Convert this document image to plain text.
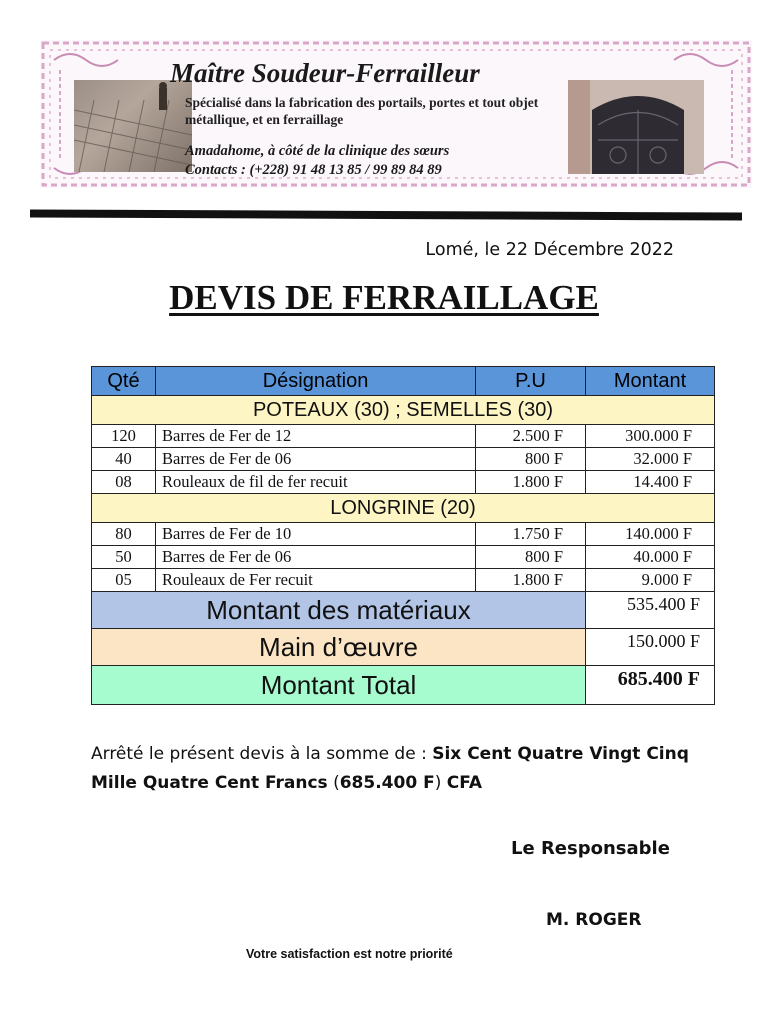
Maître Soudeur-Ferrailleur
Spécialisé dans la fabrication des portails, portes et tout objet métallique, et en ferraillage
Amadahome, à côté de la clinique des sœurs
Contacts : (+228) 91 48 13 85 / 99 89 84 89
Lomé, le 22 Décembre 2022
DEVIS DE FERRAILLAGE
Qté	Désignation	P.U	Montant
POTEAUX (30) ; SEMELLES (30)			
120	Barres de Fer de 12	2.500 F	300.000 F
40	Barres de Fer de 06	800 F	32.000 F
08	Rouleaux de fil de fer recuit	1.800 F	14.400 F
LONGRINE (20)			
80	Barres de Fer de 10	1.750 F	140.000 F
50	Barres de Fer de 06	800 F	40.000 F
05	Rouleaux de Fer recuit	1.800 F	9.000 F
Montant des matériaux			535.400 F
Main d’œuvre			150.000 F
Montant Total			685.400 F
Arrêté le présent devis à la somme de : Six Cent Quatre Vingt Cinq Mille Quatre Cent Francs (685.400 F) CFA
Le Responsable
M. ROGER
Votre satisfaction est notre priorité
